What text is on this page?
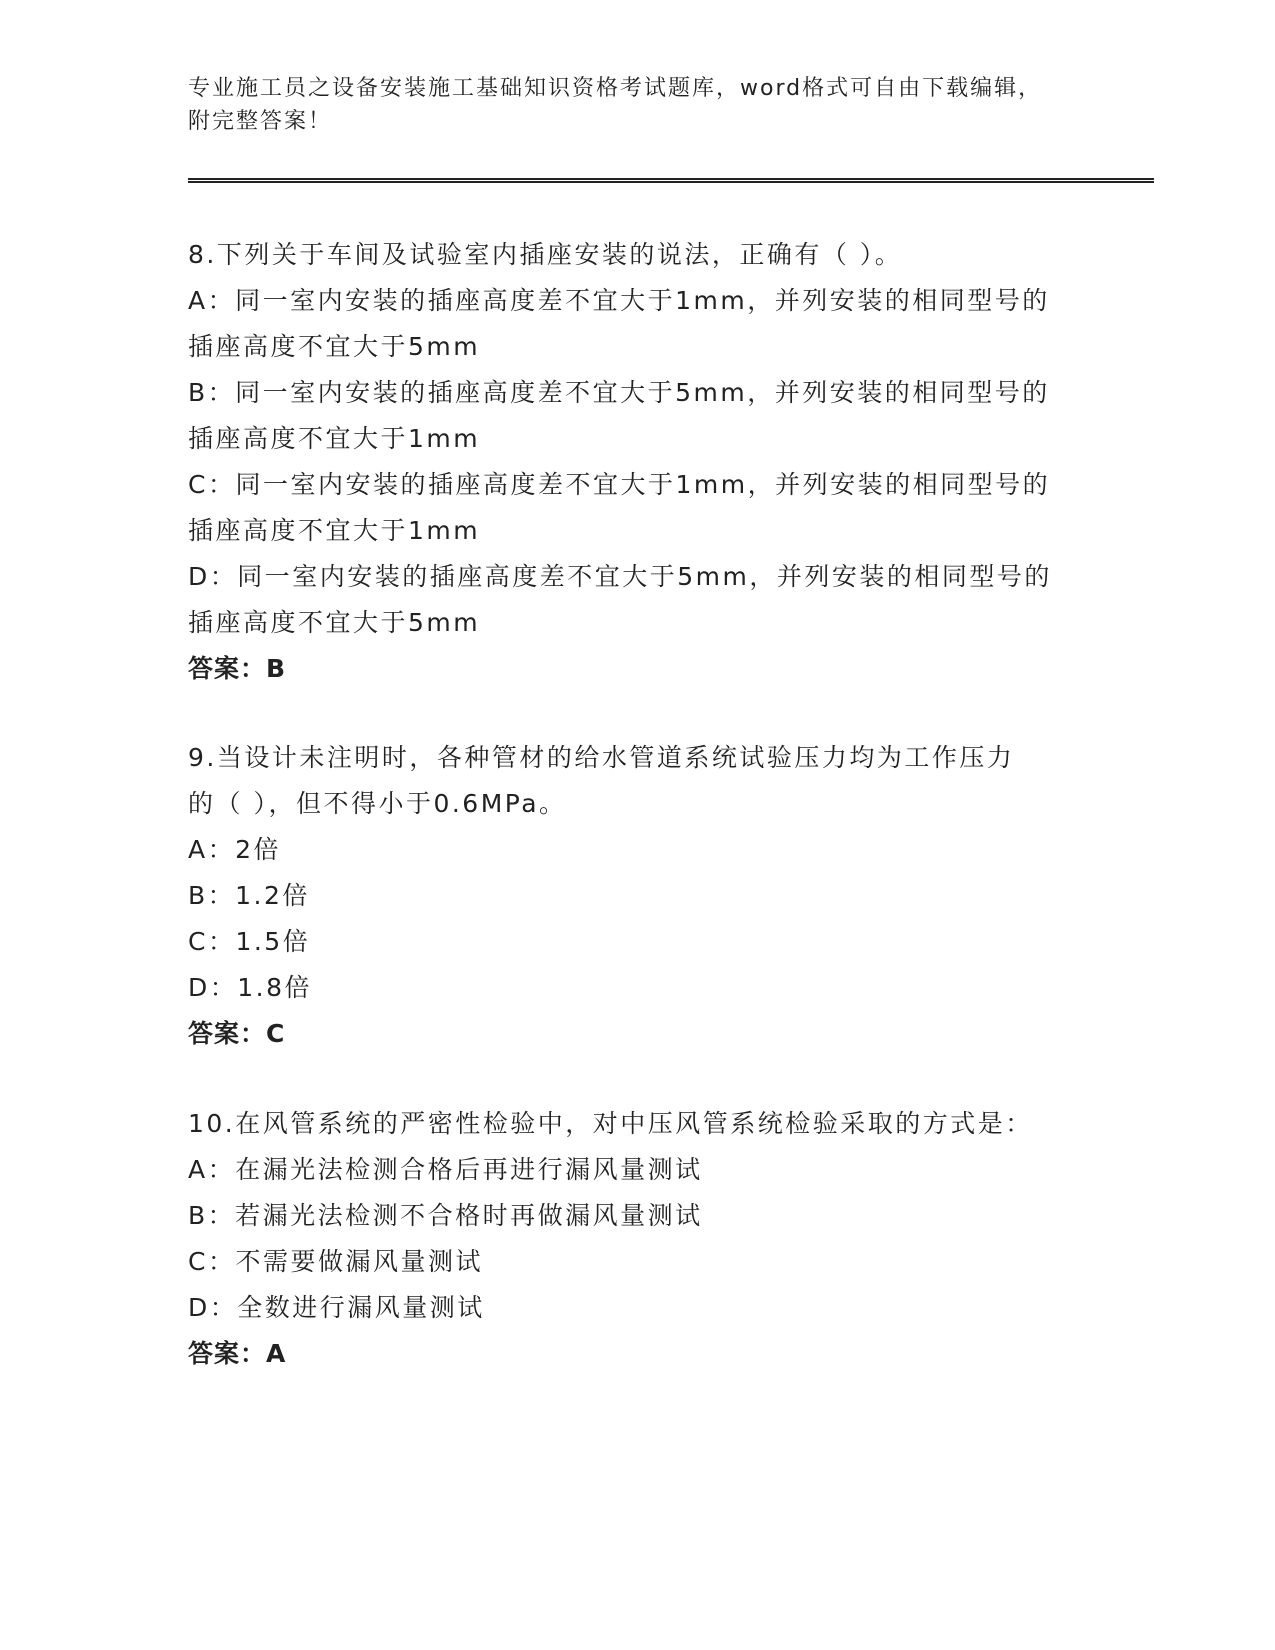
专业施工员之设备安装施工基础知识资格考试题库，word格式可自由下载编辑，
附完整答案！
8.下列关于车间及试验室内插座安装的说法，正确有（ ）。
A：同一室内安装的插座高度差不宜大于1mm，并列安装的相同型号的
插座高度不宜大于5mm
B：同一室内安装的插座高度差不宜大于5mm，并列安装的相同型号的
插座高度不宜大于1mm
C：同一室内安装的插座高度差不宜大于1mm，并列安装的相同型号的
插座高度不宜大于1mm
D：同一室内安装的插座高度差不宜大于5mm，并列安装的相同型号的
插座高度不宜大于5mm
答案：B
9.当设计未注明时，各种管材的给水管道系统试验压力均为工作压力
的（ ），但不得小于0.6MPa。
A：2倍
B：1.2倍
C：1.5倍
D：1.8倍
答案：C
10.在风管系统的严密性检验中，对中压风管系统检验采取的方式是：
A：在漏光法检测合格后再进行漏风量测试
B：若漏光法检测不合格时再做漏风量测试
C：不需要做漏风量测试
D：全数进行漏风量测试
答案：A
